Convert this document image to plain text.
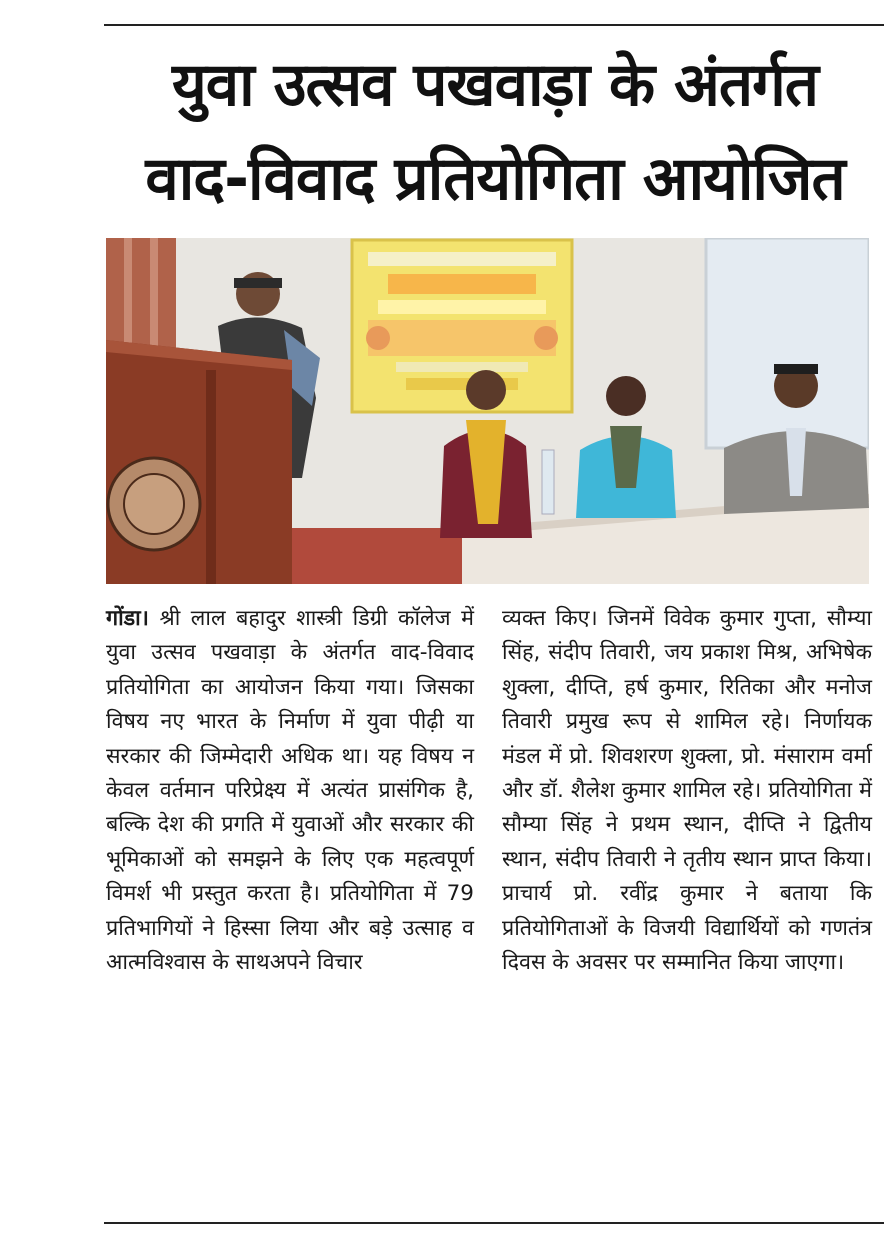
युवा उत्सव पखवाड़ा के अंतर्गत
वाद-विवाद प्रतियोगिता आयोजित
गोंडा। श्री लाल बहादुर शास्त्री डिग्री कॉलेज में युवा उत्सव पखवाड़ा के अंतर्गत वाद-विवाद प्रतियोगिता का आयोजन किया गया। जिसका विषय नए भारत के निर्माण में युवा पीढ़ी या सरकार की जिम्मेदारी अधिक था। यह विषय न केवल वर्तमान परिप्रेक्ष्य में अत्यंत प्रासंगिक है, बल्कि देश की प्रगति में युवाओं और सरकार की भूमिकाओं को समझने के लिए एक महत्वपूर्ण विमर्श भी प्रस्तुत करता है। प्रतियोगिता में 79 प्रतिभागियों ने हिस्सा लिया और बड़े उत्साह व आत्मविश्वास के साथअपने विचार
व्यक्त किए। जिनमें विवेक कुमार गुप्ता, सौम्या सिंह, संदीप तिवारी, जय प्रकाश मिश्र, अभिषेक शुक्ला, दीप्ति, हर्ष कुमार, रितिका और मनोज तिवारी प्रमुख रूप से शामिल रहे। निर्णायक मंडल में प्रो. शिवशरण शुक्ला, प्रो. मंसाराम वर्मा और डॉ. शैलेश कुमार शामिल रहे। प्रतियोगिता में सौम्या सिंह ने प्रथम स्थान, दीप्ति ने द्वितीय स्थान, संदीप तिवारी ने तृतीय स्थान प्राप्त किया। प्राचार्य प्रो. रवींद्र कुमार ने बताया कि प्रतियोगिताओं के विजयी विद्यार्थियों को गणतंत्र दिवस के अवसर पर सम्मानित किया जाएगा।
